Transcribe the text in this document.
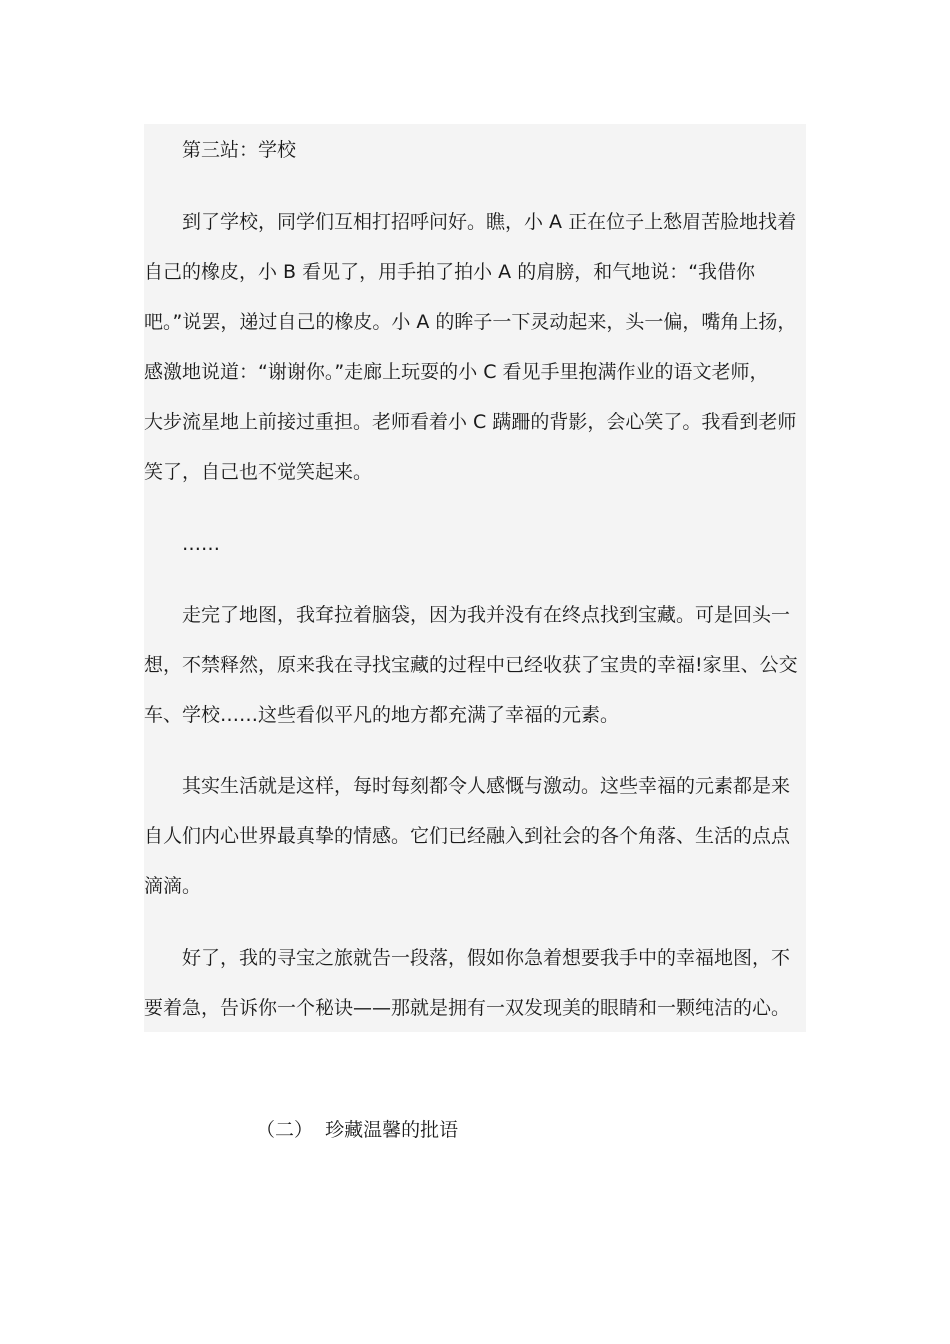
第三站：学校
到了学校，同学们互相打招呼问好。瞧，小 A 正在位子上愁眉苦脸地找着
自己的橡皮，小 B 看见了，用手拍了拍小 A 的肩膀，和气地说：“我借你
吧。”说罢，递过自己的橡皮。小 A 的眸子一下灵动起来，头一偏，嘴角上扬，
感激地说道：“谢谢你。”走廊上玩耍的小 C 看见手里抱满作业的语文老师，
大步流星地上前接过重担。老师看着小 C 蹒跚的背影，会心笑了。我看到老师
笑了，自己也不觉笑起来。
……
走完了地图，我耷拉着脑袋，因为我并没有在终点找到宝藏。可是回头一
想，不禁释然，原来我在寻找宝藏的过程中已经收获了宝贵的幸福!家里、公交
车、学校……这些看似平凡的地方都充满了幸福的元素。
其实生活就是这样，每时每刻都令人感慨与激动。这些幸福的元素都是来
自人们内心世界最真挚的情感。它们已经融入到社会的各个角落、生活的点点
滴滴。
好了，我的寻宝之旅就告一段落，假如你急着想要我手中的幸福地图，不
要着急，告诉你一个秘诀——那就是拥有一双发现美的眼睛和一颗纯洁的心。
（二）  珍藏温馨的批语
